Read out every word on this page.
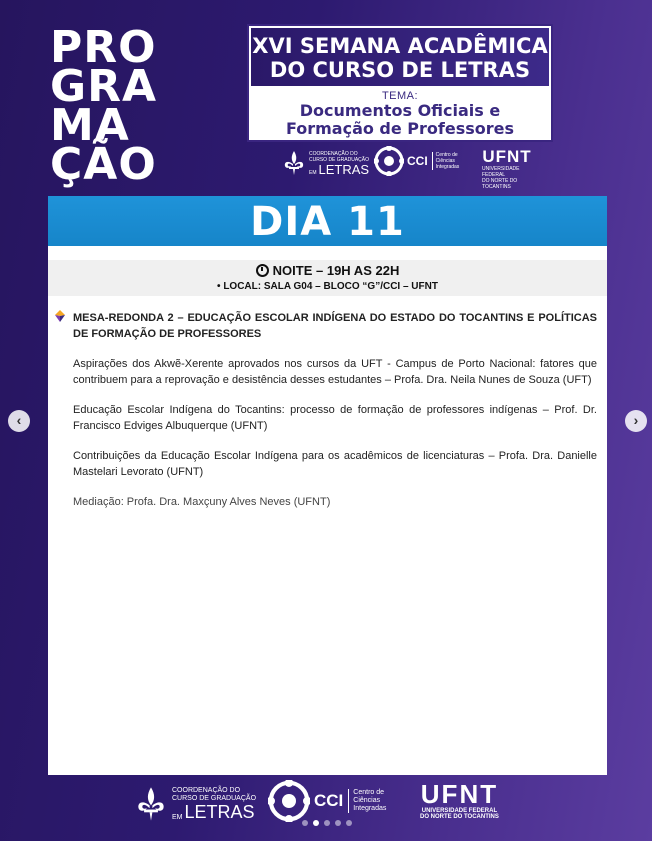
PRO
GRA
MA
ÇÃO
XVI SEMANA ACADÊMICA
DO CURSO DE LETRAS
TEMA:
Documentos Oficiais e
Formação de Professores
COORDENAÇÃO DO
CURSO DE GRADUAÇÃO
EM LETRAS
CCI Centro de
Ciências
Integradas
UFNT
UNIVERSIDADE FEDERAL
DO NORTE DO TOCANTINS
DIA 11
NOITE – 19H AS 22H
• LOCAL: SALA G04 – BLOCO “G”/CCI – UFNT
MESA-REDONDA 2 – EDUCAÇÃO ESCOLAR INDÍGENA DO ESTADO DO TOCANTINS E POLÍTICAS DE FORMAÇÃO DE PROFESSORES

Aspirações dos Akwẽ-Xerente aprovados nos cursos da UFT - Campus de Porto Nacional: fatores que contribuem para a reprovação e desistência desses estudantes – Profa. Dra. Neila Nunes de Souza (UFT)

Educação Escolar Indígena do Tocantins: processo de formação de professores indígenas – Prof. Dr. Francisco Edviges Albuquerque (UFNT)

Contribuições da Educação Escolar Indígena para os acadêmicos de licenciaturas – Profa. Dra. Danielle Mastelari Levorato (UFNT)

Mediação: Profa. Dra. Maxçuny Alves Neves (UFNT)

COORDENAÇÃO DO
CURSO DE GRADUAÇÃO
EM LETRAS
CCI Centro de
Ciências
Integradas UFNT
UNIVERSIDADE FEDERAL
DO NORTE DO TOCANTINS
‹	›
